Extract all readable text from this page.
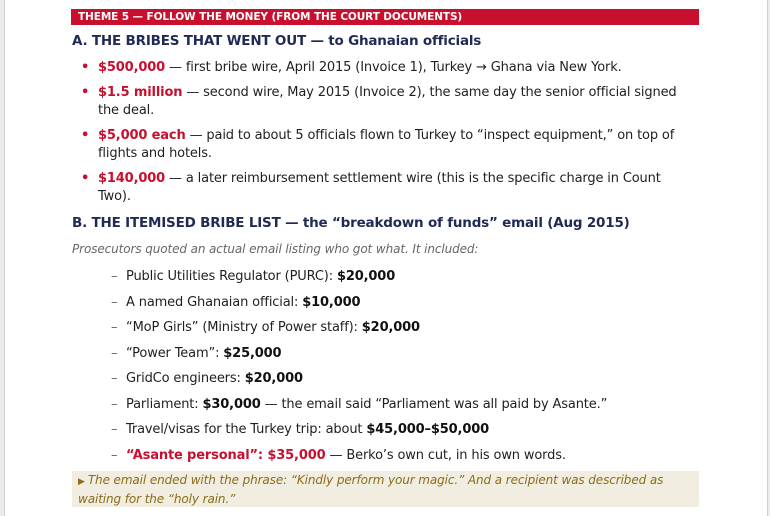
THEME 5 — FOLLOW THE MONEY (FROM THE COURT DOCUMENTS)
A. THE BRIBES THAT WENT OUT — to Ghanaian officials
• $500,000 — first bribe wire, April 2015 (Invoice 1), Turkey → Ghana via New York.
• $1.5 million — second wire, May 2015 (Invoice 2), the same day the senior official signed the deal.
• $5,000 each — paid to about 5 officials flown to Turkey to “inspect equipment,” on top of flights and hotels.
• $140,000 — a later reimbursement settlement wire (this is the specific charge in Count Two).
B. THE ITEMISED BRIBE LIST — the “breakdown of funds” email (Aug 2015)
Prosecutors quoted an actual email listing who got what. It included:
– Public Utilities Regulator (PURC): $20,000
– A named Ghanaian official: $10,000
– “MoP Girls” (Ministry of Power staff): $20,000
– “Power Team”: $25,000
– GridCo engineers: $20,000
– Parliament: $30,000 — the email said “Parliament was all paid by Asante.”
– Travel/visas for the Turkey trip: about $45,000–$50,000
– “Asante personal”: $35,000 — Berko’s own cut, in his own words.
▶ The email ended with the phrase: “Kindly perform your magic.” And a recipient was described as waiting for the “holy rain.”
